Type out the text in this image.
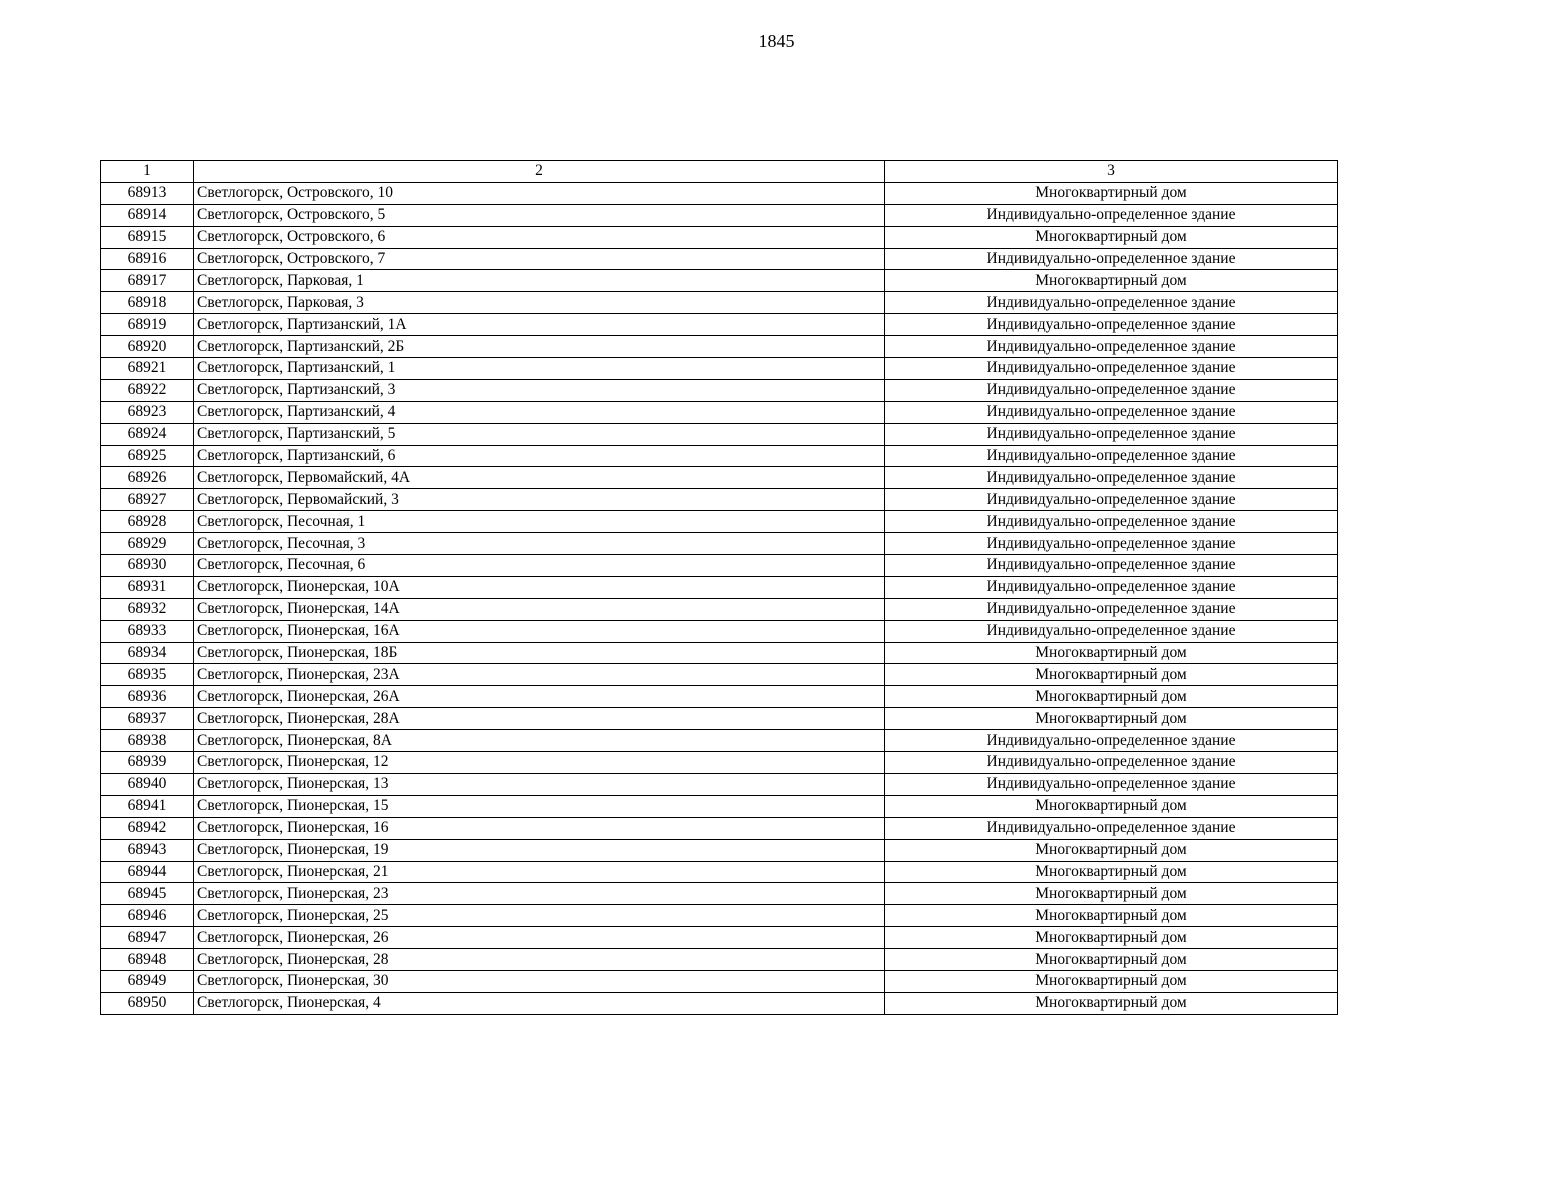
1845
1	2	3
68913	Светлогорск, Островского, 10	Многоквартирный дом
68914	Светлогорск, Островского, 5	Индивидуально-определенное здание
68915	Светлогорск, Островского, 6	Многоквартирный дом
68916	Светлогорск, Островского, 7	Индивидуально-определенное здание
68917	Светлогорск, Парковая, 1	Многоквартирный дом
68918	Светлогорск, Парковая, 3	Индивидуально-определенное здание
68919	Светлогорск, Партизанский, 1А	Индивидуально-определенное здание
68920	Светлогорск, Партизанский, 2Б	Индивидуально-определенное здание
68921	Светлогорск, Партизанский, 1	Индивидуально-определенное здание
68922	Светлогорск, Партизанский, 3	Индивидуально-определенное здание
68923	Светлогорск, Партизанский, 4	Индивидуально-определенное здание
68924	Светлогорск, Партизанский, 5	Индивидуально-определенное здание
68925	Светлогорск, Партизанский, 6	Индивидуально-определенное здание
68926	Светлогорск, Первомайский, 4А	Индивидуально-определенное здание
68927	Светлогорск, Первомайский, 3	Индивидуально-определенное здание
68928	Светлогорск, Песочная, 1	Индивидуально-определенное здание
68929	Светлогорск, Песочная, 3	Индивидуально-определенное здание
68930	Светлогорск, Песочная, 6	Индивидуально-определенное здание
68931	Светлогорск, Пионерская, 10А	Индивидуально-определенное здание
68932	Светлогорск, Пионерская, 14А	Индивидуально-определенное здание
68933	Светлогорск, Пионерская, 16А	Индивидуально-определенное здание
68934	Светлогорск, Пионерская, 18Б	Многоквартирный дом
68935	Светлогорск, Пионерская, 23А	Многоквартирный дом
68936	Светлогорск, Пионерская, 26А	Многоквартирный дом
68937	Светлогорск, Пионерская, 28А	Многоквартирный дом
68938	Светлогорск, Пионерская, 8А	Индивидуально-определенное здание
68939	Светлогорск, Пионерская, 12	Индивидуально-определенное здание
68940	Светлогорск, Пионерская, 13	Индивидуально-определенное здание
68941	Светлогорск, Пионерская, 15	Многоквартирный дом
68942	Светлогорск, Пионерская, 16	Индивидуально-определенное здание
68943	Светлогорск, Пионерская, 19	Многоквартирный дом
68944	Светлогорск, Пионерская, 21	Многоквартирный дом
68945	Светлогорск, Пионерская, 23	Многоквартирный дом
68946	Светлогорск, Пионерская, 25	Многоквартирный дом
68947	Светлогорск, Пионерская, 26	Многоквартирный дом
68948	Светлогорск, Пионерская, 28	Многоквартирный дом
68949	Светлогорск, Пионерская, 30	Многоквартирный дом
68950	Светлогорск, Пионерская, 4	Многоквартирный дом
